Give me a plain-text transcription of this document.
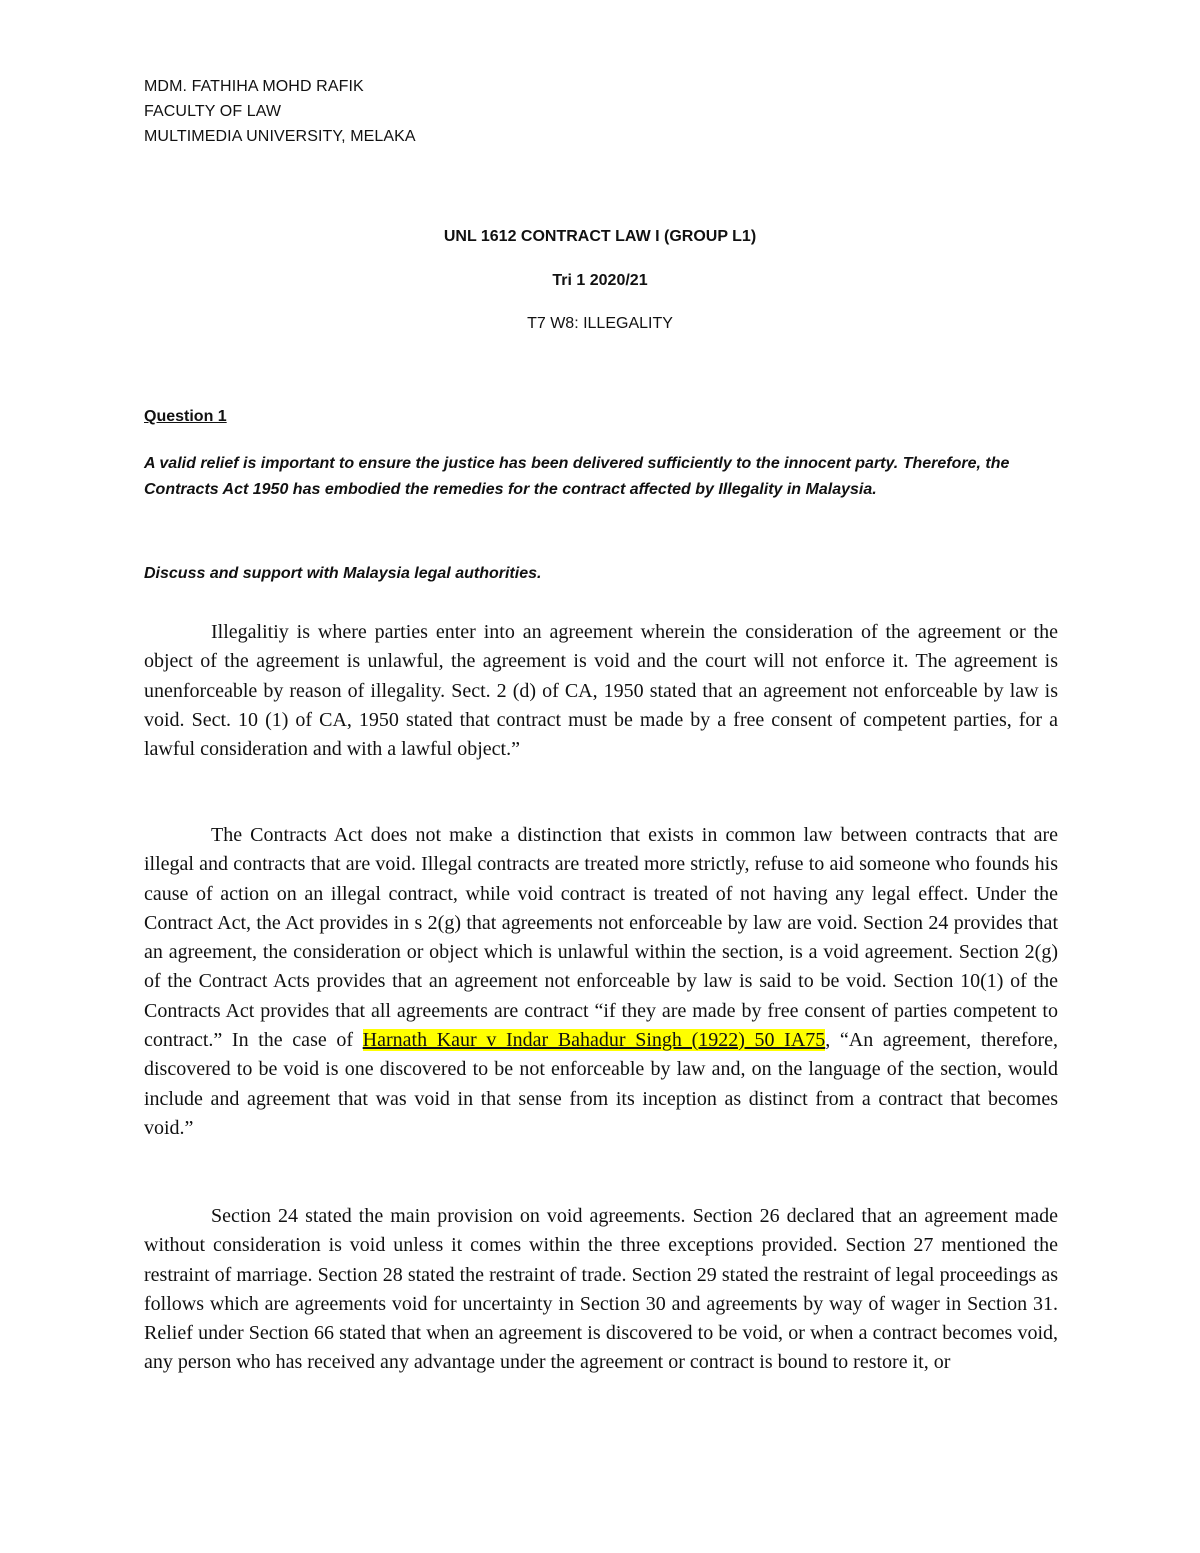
MDM. FATHIHA MOHD RAFIK
FACULTY OF LAW
MULTIMEDIA UNIVERSITY, MELAKA
UNL 1612 CONTRACT LAW I (GROUP L1)
Tri 1 2020/21
T7 W8: ILLEGALITY
Question 1
A valid relief is important to ensure the justice has been delivered sufficiently to the innocent party. Therefore, the Contracts Act 1950 has embodied the remedies for the contract affected by Illegality in Malaysia.
Discuss and support with Malaysia legal authorities.
Illegalitiy is where parties enter into an agreement wherein the consideration of the agreement or the object of the agreement is unlawful, the agreement is void and the court will not enforce it. The agreement is unenforceable by reason of illegality. Sect. 2 (d) of CA, 1950 stated that an agreement not enforceable by law is void. Sect. 10 (1) of CA, 1950 stated that contract must be made by a free consent of competent parties, for a lawful consideration and with a lawful object.”
The Contracts Act does not make a distinction that exists in common law between contracts that are illegal and contracts that are void. Illegal contracts are treated more strictly, refuse to aid someone who founds his cause of action on an illegal contract, while void contract is treated of not having any legal effect. Under the Contract Act, the Act provides in s 2(g) that agreements not enforceable by law are void. Section 24 provides that an agreement, the consideration or object which is unlawful within the section, is a void agreement. Section 2(g) of the Contract Acts provides that an agreement not enforceable by law is said to be void. Section 10(1) of the Contracts Act provides that all agreements are contract “if they are made by free consent of parties competent to contract.” In the case of Harnath Kaur v Indar Bahadur Singh (1922) 50 IA75, “An agreement, therefore, discovered to be void is one discovered to be not enforceable by law and, on the language of the section, would include and agreement that was void in that sense from its inception as distinct from a contract that becomes void.”
Section 24 stated the main provision on void agreements. Section 26 declared that an agreement made without consideration is void unless it comes within the three exceptions provided. Section 27 mentioned the restraint of marriage. Section 28 stated the restraint of trade. Section 29 stated the restraint of legal proceedings as follows which are agreements void for uncertainty in Section 30 and agreements by way of wager in Section 31. Relief under Section 66 stated that when an agreement is discovered to be void, or when a contract becomes void, any person who has received any advantage under the agreement or contract is bound to restore it, or
